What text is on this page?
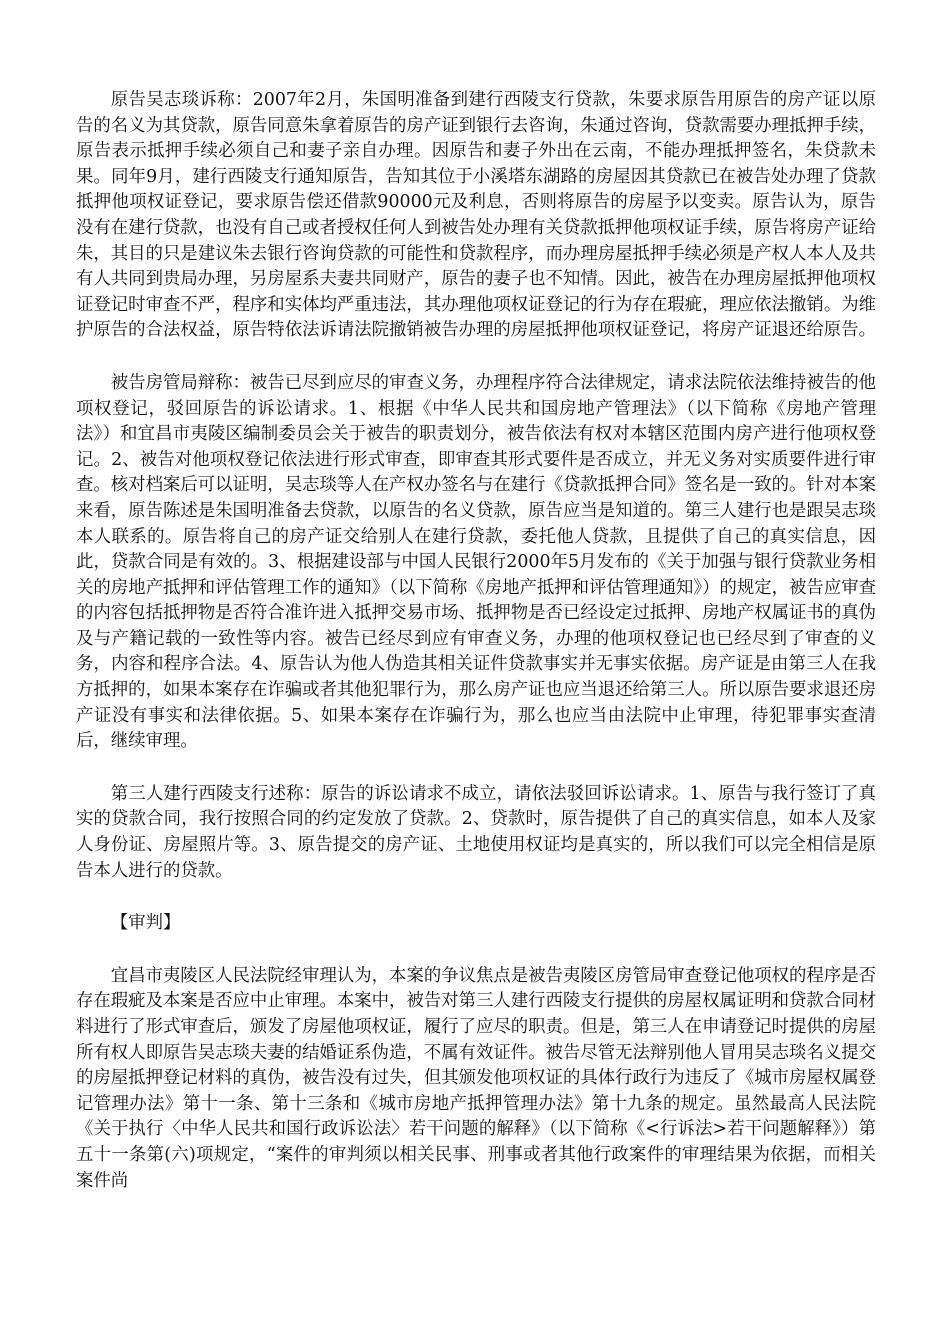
原告吴志琰诉称：2007年2月，朱国明准备到建行西陵支行贷款，朱要求原告用原告的房产证以原告的名义为其贷款，原告同意朱拿着原告的房产证到银行去咨询，朱通过咨询，贷款需要办理抵押手续，原告表示抵押手续必须自己和妻子亲自办理。因原告和妻子外出在云南，不能办理抵押签名，朱贷款未果。同年9月，建行西陵支行通知原告，告知其位于小溪塔东湖路的房屋因其贷款已在被告处办理了贷款抵押他项权证登记，要求原告偿还借款90000元及利息，否则将原告的房屋予以变卖。原告认为，原告没有在建行贷款，也没有自己或者授权任何人到被告处办理有关贷款抵押他项权证手续，原告将房产证给朱，其目的只是建议朱去银行咨询贷款的可能性和贷款程序，而办理房屋抵押手续必须是产权人本人及共有人共同到贵局办理，另房屋系夫妻共同财产，原告的妻子也不知情。因此，被告在办理房屋抵押他项权证登记时审查不严，程序和实体均严重违法，其办理他项权证登记的行为存在瑕疵，理应依法撤销。为维护原告的合法权益，原告特依法诉请法院撤销被告办理的房屋抵押他项权证登记，将房产证退还给原告。

被告房管局辩称：被告已尽到应尽的审查义务，办理程序符合法律规定，请求法院依法维持被告的他项权登记，驳回原告的诉讼请求。1、根据《中华人民共和国房地产管理法》（以下简称《房地产管理法》）和宜昌市夷陵区编制委员会关于被告的职责划分，被告依法有权对本辖区范围内房产进行他项权登记。2、被告对他项权登记依法进行形式审查，即审查其形式要件是否成立，并无义务对实质要件进行审查。核对档案后可以证明，吴志琰等人在产权办签名与在建行《贷款抵押合同》签名是一致的。针对本案来看，原告陈述是朱国明准备去贷款，以原告的名义贷款，原告应当是知道的。第三人建行也是跟吴志琰本人联系的。原告将自己的房产证交给别人在建行贷款，委托他人贷款，且提供了自己的真实信息，因此，贷款合同是有效的。3、根据建设部与中国人民银行2000年5月发布的《关于加强与银行贷款业务相关的房地产抵押和评估管理工作的通知》（以下简称《房地产抵押和评估管理通知》）的规定，被告应审查的内容包括抵押物是否符合准许进入抵押交易市场、抵押物是否已经设定过抵押、房地产权属证书的真伪及与产籍记载的一致性等内容。被告已经尽到应有审查义务，办理的他项权登记也已经尽到了审查的义务，内容和程序合法。4、原告认为他人伪造其相关证件贷款事实并无事实依据。房产证是由第三人在我方抵押的，如果本案存在诈骗或者其他犯罪行为，那么房产证也应当退还给第三人。所以原告要求退还房产证没有事实和法律依据。5、如果本案存在诈骗行为，那么也应当由法院中止审理，待犯罪事实查清后，继续审理。

第三人建行西陵支行述称：原告的诉讼请求不成立，请依法驳回诉讼请求。1、原告与我行签订了真实的贷款合同，我行按照合同的约定发放了贷款。2、贷款时，原告提供了自己的真实信息，如本人及家人身份证、房屋照片等。3、原告提交的房产证、土地使用权证均是真实的，所以我们可以完全相信是原告本人进行的贷款。

【审判】

宜昌市夷陵区人民法院经审理认为，本案的争议焦点是被告夷陵区房管局审查登记他项权的程序是否存在瑕疵及本案是否应中止审理。本案中，被告对第三人建行西陵支行提供的房屋权属证明和贷款合同材料进行了形式审查后，颁发了房屋他项权证，履行了应尽的职责。但是，第三人在申请登记时提供的房屋所有权人即原告吴志琰夫妻的结婚证系伪造，不属有效证件。被告尽管无法辩别他人冒用吴志琰名义提交的房屋抵押登记材料的真伪，被告没有过失，但其颁发他项权证的具体行政行为违反了《城市房屋权属登记管理办法》第十一条、第十三条和《城市房地产抵押管理办法》第十九条的规定。虽然最高人民法院《关于执行〈中华人民共和国行政诉讼法〉若干问题的解释》（以下简称《<行诉法>若干问题解释》）第五十一条第(六)项规定，“案件的审判须以相关民事、刑事或者其他行政案件的审理结果为依据，而相关案件尚
